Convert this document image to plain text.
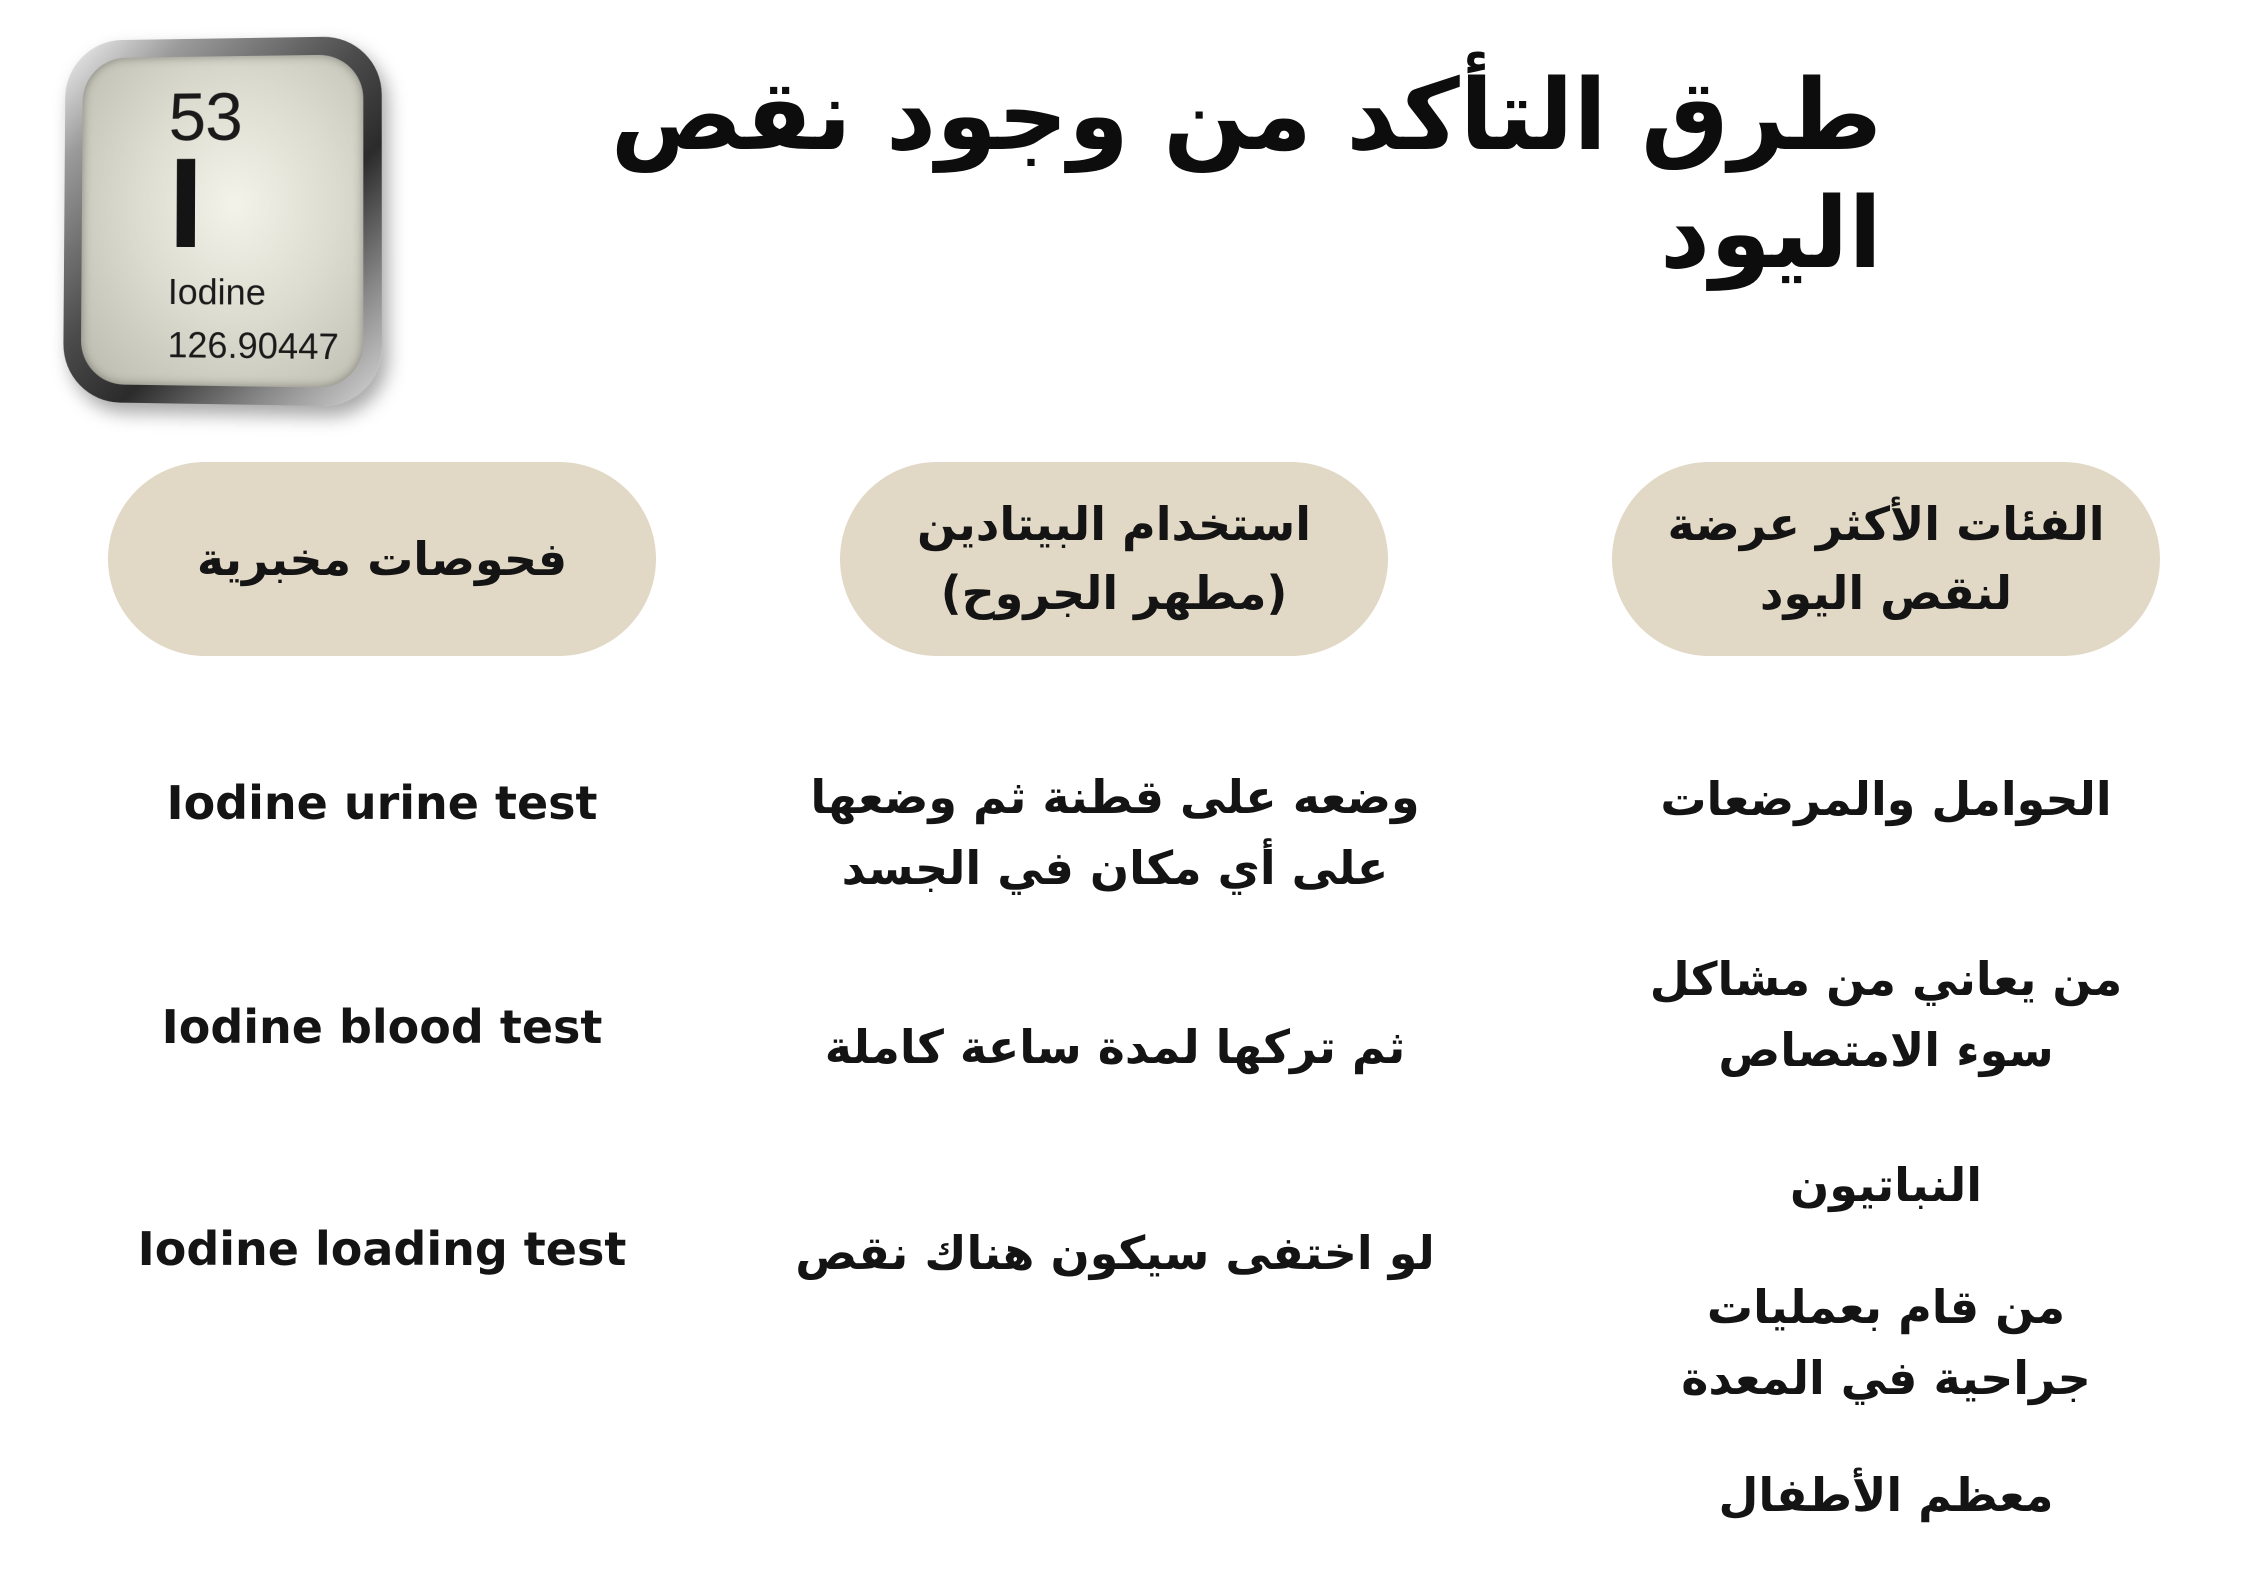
53
I
Iodine
126.90447
طرق التأكد من وجود نقص اليود
فحوصات مخبرية
استخدام البيتادين
(مطهر الجروح)
الفئات الأكثر عرضة
لنقص اليود
Iodine urine test
Iodine blood test
Iodine loading test
وضعه على قطنة ثم وضعها
على أي مكان في الجسد
ثم تركها لمدة ساعة كاملة
لو اختفى سيكون هناك نقص
الحوامل والمرضعات
من يعاني من مشاكل
سوء الامتصاص
النباتيون
من قام بعمليات
جراحية في المعدة
معظم الأطفال
